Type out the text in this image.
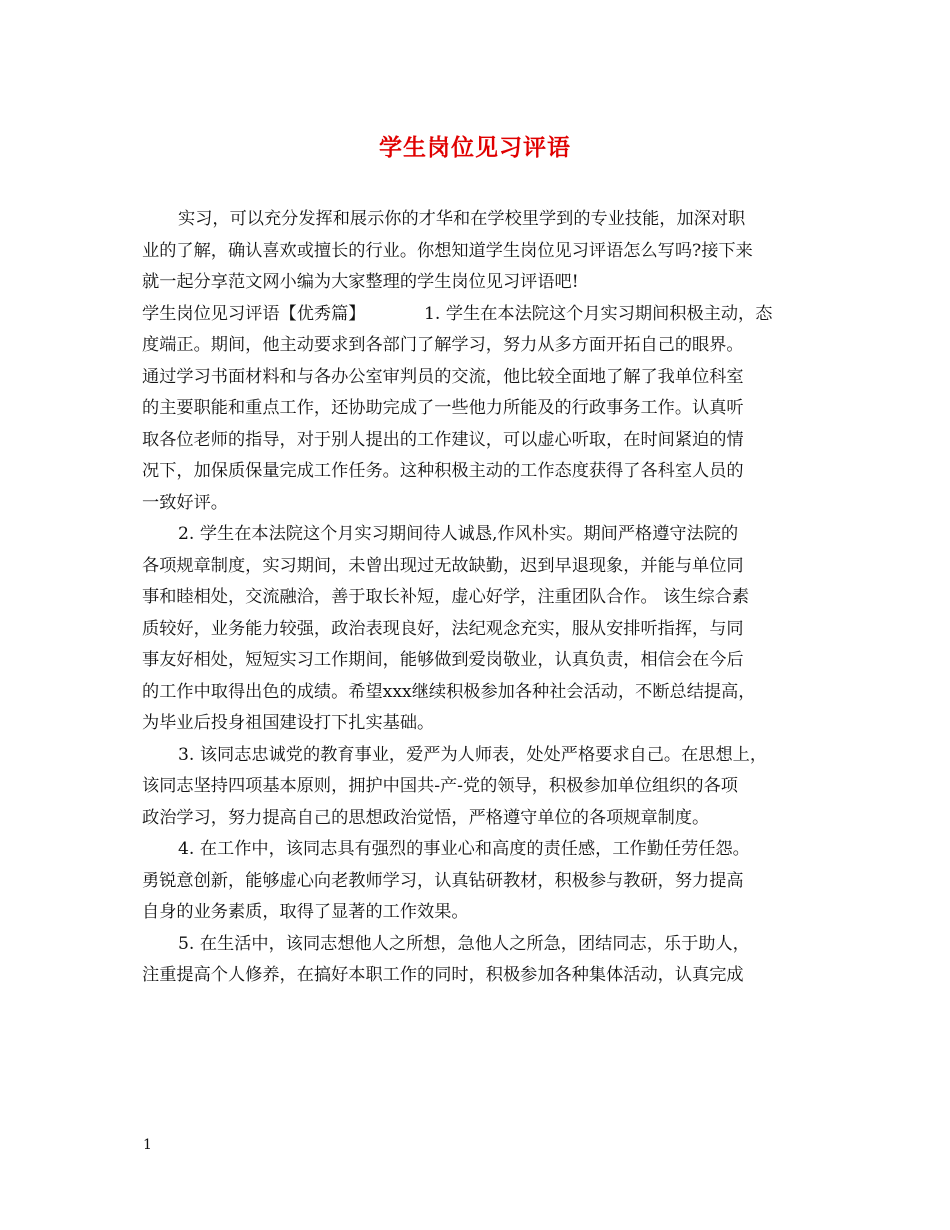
学生岗位见习评语
实习，可以充分发挥和展示你的才华和在学校里学到的专业技能，加深对职
业的了解，确认喜欢或擅长的行业。你想知道学生岗位见习评语怎么写吗?接下来
就一起分享范文网小编为大家整理的学生岗位见习评语吧!
学生岗位见习评语【优秀篇】	1. 学生在本法院这个月实习期间积极主动，态
度端正。期间，他主动要求到各部门了解学习，努力从多方面开拓自己的眼界。
通过学习书面材料和与各办公室审判员的交流，他比较全面地了解了我单位科室
的主要职能和重点工作，还协助完成了一些他力所能及的行政事务工作。认真听
取各位老师的指导，对于别人提出的工作建议，可以虚心听取，在时间紧迫的情
况下，加保质保量完成工作任务。这种积极主动的工作态度获得了各科室人员的
一致好评。
2. 学生在本法院这个月实习期间待人诚恳,作风朴实。期间严格遵守法院的
各项规章制度，实习期间，未曾出现过无故缺勤，迟到早退现象，并能与单位同
事和睦相处，交流融洽，善于取长补短，虚心好学，注重团队合作。 该生综合素
质较好，业务能力较强，政治表现良好，法纪观念充实，服从安排听指挥，与同
事友好相处，短短实习工作期间，能够做到爱岗敬业，认真负责，相信会在今后
的工作中取得出色的成绩。希望xxx继续积极参加各种社会活动，不断总结提高，
为毕业后投身祖国建设打下扎实基础。
3. 该同志忠诚党的教育事业，爱严为人师表，处处严格要求自己。在思想上，
该同志坚持四项基本原则，拥护中国共-产-党的领导，积极参加单位组织的各项
政治学习，努力提高自己的思想政治觉悟，严格遵守单位的各项规章制度。
4. 在工作中，该同志具有强烈的事业心和高度的责任感，工作勤任劳任怨。
勇锐意创新，能够虚心向老教师学习，认真钻研教材，积极参与教研，努力提高
自身的业务素质，取得了显著的工作效果。
5. 在生活中，该同志想他人之所想，急他人之所急，团结同志，乐于助人，
注重提高个人修养，在搞好本职工作的同时，积极参加各种集体活动，认真完成
1
